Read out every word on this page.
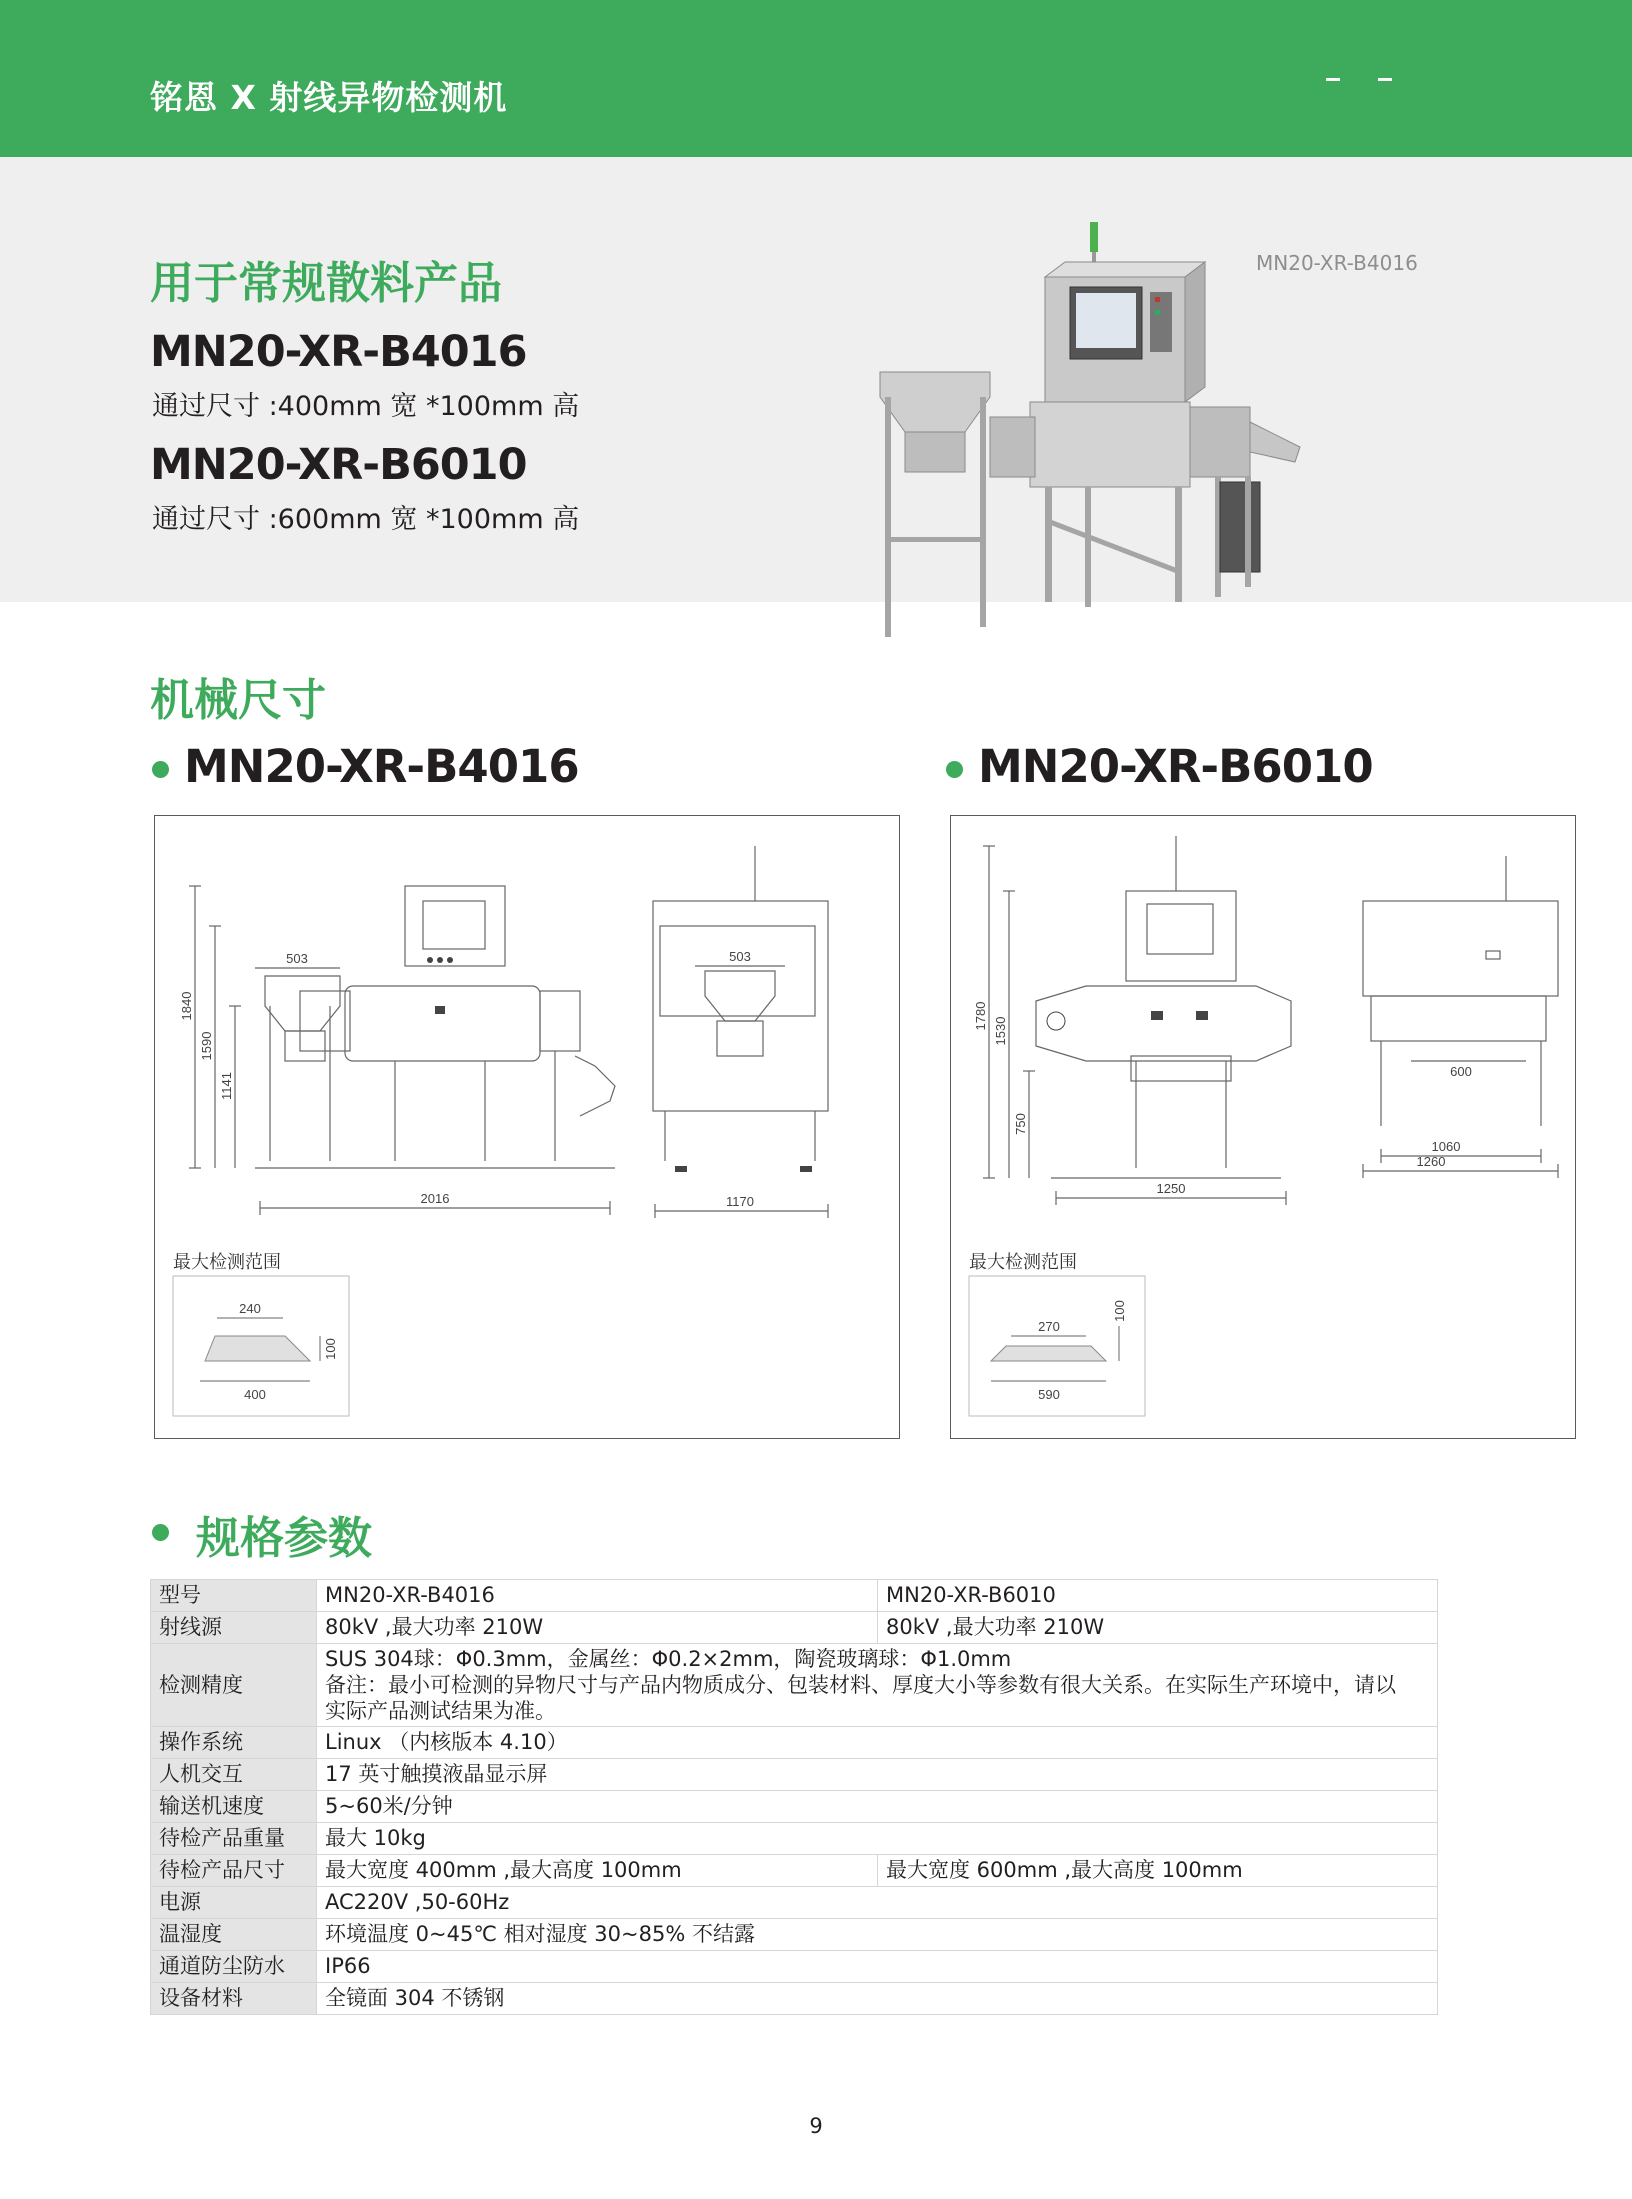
铭恩 X 射线异物检测机
用于常规散料产品
MN20-XR-B4016
通过尺寸 :400mm 宽 *100mm 高
MN20-XR-B6010
通过尺寸 :600mm 宽 *100mm 高
MN20-XR-B4016
机械尺寸
MN20-XR-B4016	MN20-XR-B6010
1840
1590
1141
503
2016
503
1170
240
400
100
最大检测范围
1780
1530
750
1250
600
1060
1260
270
590
100
最大检测范围
规格参数
型号	MN20-XR-B4016	MN20-XR-B6010
射线源	80kV ,最大功率 210W	80kV ,最大功率 210W
检测精度	SUS 304球：Φ0.3mm，金属丝：Φ0.2×2mm，陶瓷玻璃球：Φ1.0mm
备注：最小可检测的异物尺寸与产品内物质成分、包装材料、厚度大小等参数有很大关系。在实际生产环境中，请以
实际产品测试结果为准。	

操作系统	Linux （内核版本 4.10）	
人机交互	17 英寸触摸液晶显示屏	
输送机速度	5~60米/分钟	
待检产品重量	最大 10kg	
待检产品尺寸	最大宽度 400mm ,最大高度 100mm	最大宽度 600mm ,最大高度 100mm
电源	AC220V ,50-60Hz	
温湿度	环境温度 0~45℃ 相对湿度 30~85% 不结露	
通道防尘防水	IP66	
设备材料	全镜面 304 不锈钢	
9
